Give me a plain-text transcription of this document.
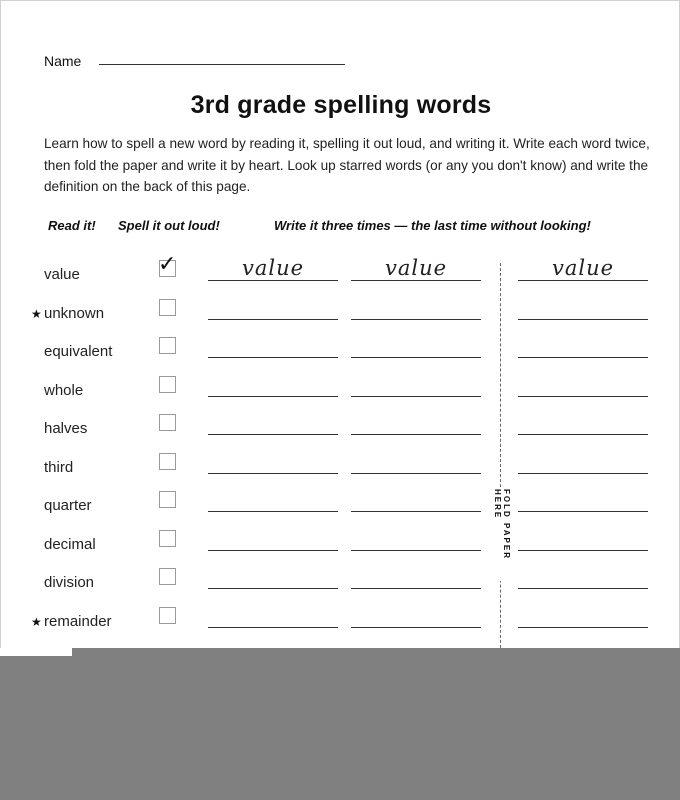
Name
3rd grade spelling words
Learn how to spell a new word by reading it, spelling it out loud, and writing it. Write each word twice, then fold the paper and write it by heart. Look up starred words (or any you don't know) and write the definition on the back of this page.
Read it! Spell it out loud!	Write it three times — the last time without looking!
FOLD PAPER HERE
value	✓	value	value	value
★ unknown
equivalent
whole
halves
third
quarter
decimal
division
★ remainder
